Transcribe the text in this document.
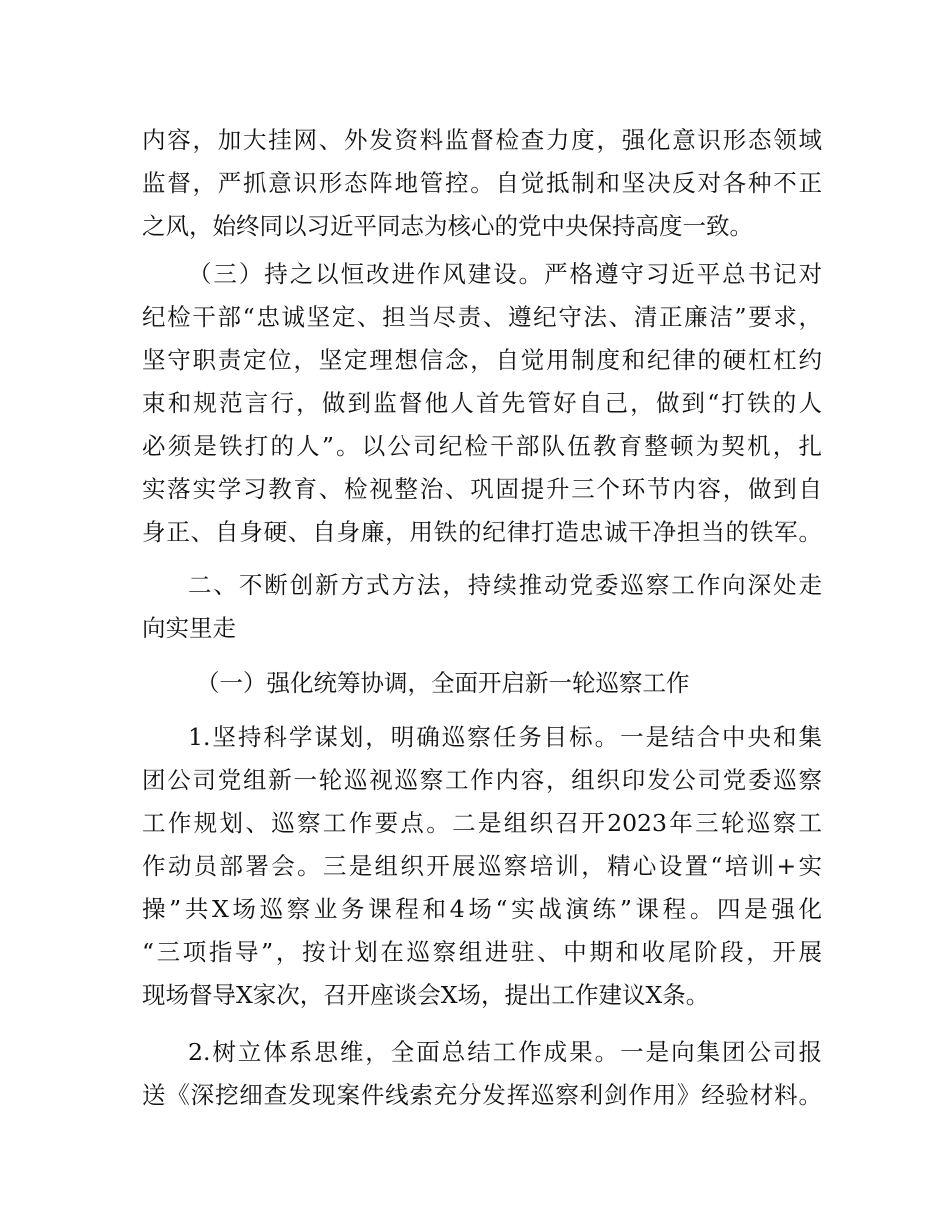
内容，加大挂网、外发资料监督检查力度，强化意识形态领域
监督，严抓意识形态阵地管控。自觉抵制和坚决反对各种不正
之风，始终同以习近平同志为核心的党中央保持高度一致。
（三）持之以恒改进作风建设。严格遵守习近平总书记对
纪检干部“忠诚坚定、担当尽责、遵纪守法、清正廉洁”要求，
坚守职责定位，坚定理想信念，自觉用制度和纪律的硬杠杠约
束和规范言行，做到监督他人首先管好自己，做到“打铁的人
必须是铁打的人”。以公司纪检干部队伍教育整顿为契机，扎
实落实学习教育、检视整治、巩固提升三个环节内容，做到自
身正、自身硬、自身廉，用铁的纪律打造忠诚干净担当的铁军。
二、不断创新方式方法，持续推动党委巡察工作向深处走
向实里走
（一）强化统筹协调，全面开启新一轮巡察工作
1.坚持科学谋划，明确巡察任务目标。一是结合中央和集
团公司党组新一轮巡视巡察工作内容，组织印发公司党委巡察
工作规划、巡察工作要点。二是组织召开2023年三轮巡察工
作动员部署会。三是组织开展巡察培训，精心设置“培训+实
操”共X场巡察业务课程和4场“实战演练”课程。四是强化
“三项指导”，按计划在巡察组进驻、中期和收尾阶段，开展
现场督导X家次，召开座谈会X场，提出工作建议X条。
2.树立体系思维，全面总结工作成果。一是向集团公司报
送《深挖细查发现案件线索充分发挥巡察利剑作用》经验材料。
